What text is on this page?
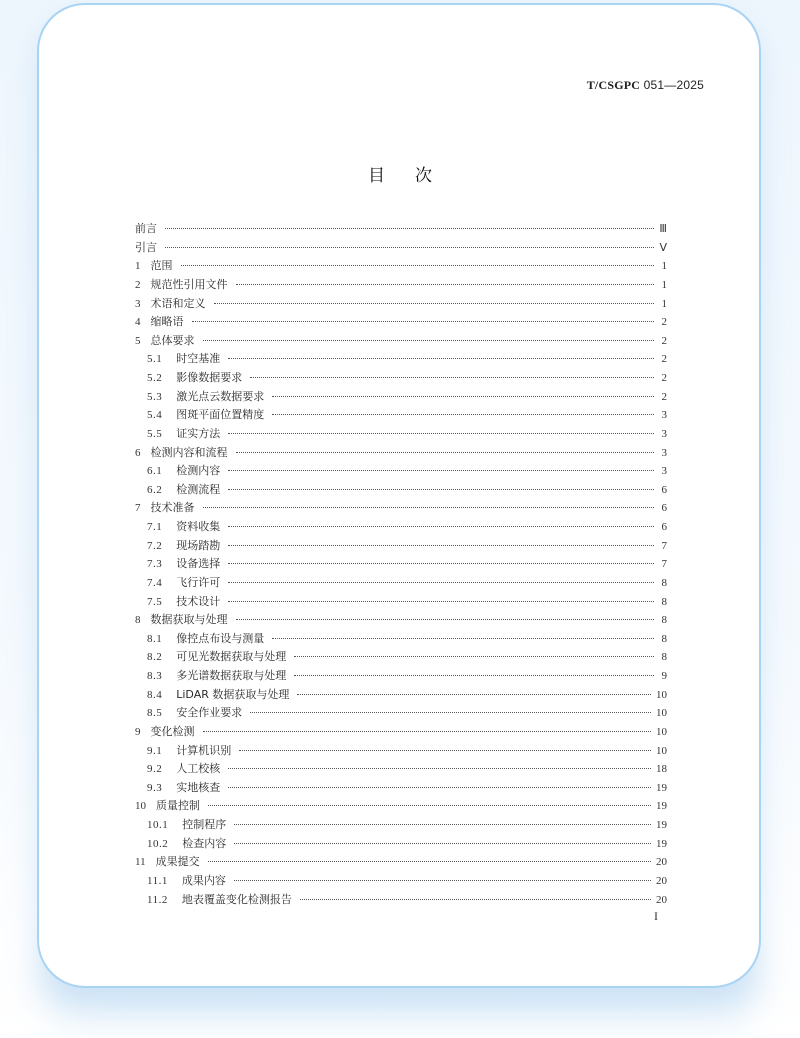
T/CSGPC 051—2025
目次
前言	Ⅲ
引言	Ⅴ
1 范围	1
2 规范性引用文件	1
3 术语和定义	1
4 缩略语	2
5 总体要求	2
5.1 时空基准	2
5.2 影像数据要求	2
5.3 激光点云数据要求	2
5.4 图斑平面位置精度	3
5.5 证实方法	3
6 检测内容和流程	3
6.1 检测内容	3
6.2 检测流程	6
7 技术准备	6
7.1 资料收集	6
7.2 现场踏勘	7
7.3 设备选择	7
7.4 飞行许可	8
7.5 技术设计	8
8 数据获取与处理	8
8.1 像控点布设与测量	8
8.2 可见光数据获取与处理	8
8.3 多光谱数据获取与处理	9
8.4 LiDAR 数据获取与处理	10
8.5 安全作业要求	10
9 变化检测	10
9.1 计算机识别	10
9.2 人工校核	18
9.3 实地核查	19
10 质量控制	19
10.1 控制程序	19
10.2 检查内容	19
11 成果提交	20
11.1 成果内容	20
11.2 地表覆盖变化检测报告	20
I
